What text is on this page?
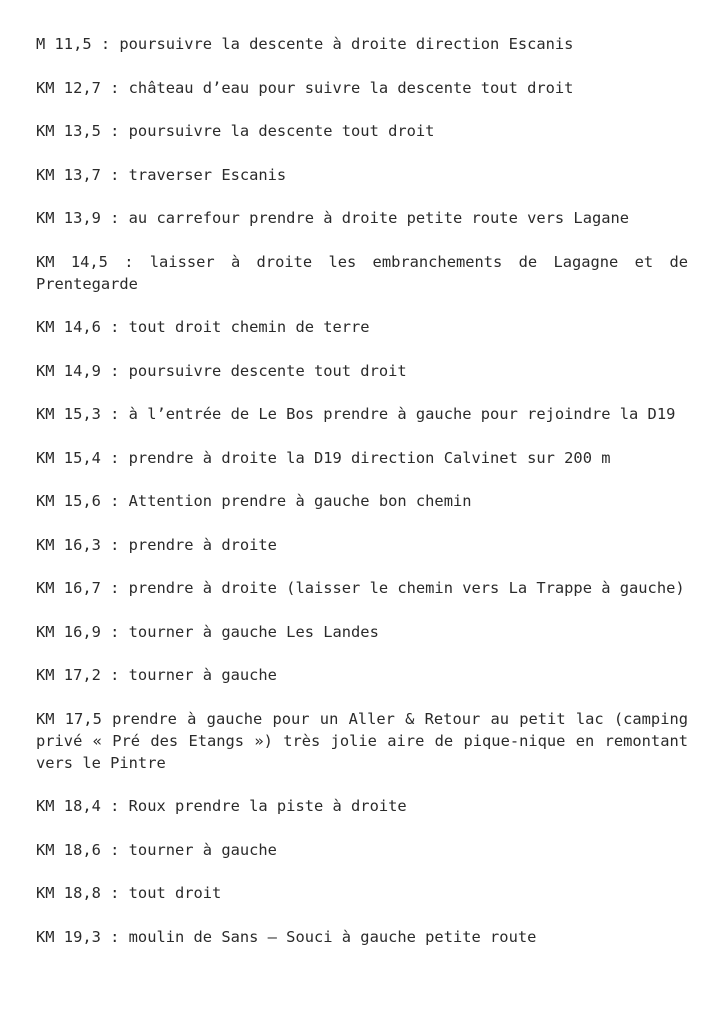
M 11,5 : poursuivre la descente à droite direction Escanis

KM 12,7 : château d’eau pour suivre la descente tout droit

KM 13,5 : poursuivre la descente tout droit

KM 13,7 : traverser Escanis

KM 13,9 : au carrefour prendre à droite petite route vers Lagane

KM 14,5 : laisser à droite les embranchements de Lagagne et de Prentegarde

KM 14,6 : tout droit chemin de terre

KM 14,9 : poursuivre descente tout droit

KM 15,3 : à l’entrée de Le Bos prendre à gauche pour rejoindre la D19

KM 15,4 : prendre à droite la D19 direction Calvinet sur 200 m

KM 15,6 : Attention prendre à gauche bon chemin

KM 16,3 : prendre à droite

KM 16,7 : prendre à droite (laisser le chemin vers La Trappe à gauche)

KM 16,9 : tourner à gauche Les Landes

KM 17,2 : tourner à gauche

KM 17,5 prendre à gauche pour un Aller & Retour au petit lac (camping privé « Pré des Etangs ») très jolie aire de pique-nique en remontant vers le Pintre

KM 18,4 : Roux prendre la piste à droite

KM 18,6 : tourner à gauche

KM 18,8 : tout droit

KM 19,3 : moulin de Sans – Souci à gauche petite route
